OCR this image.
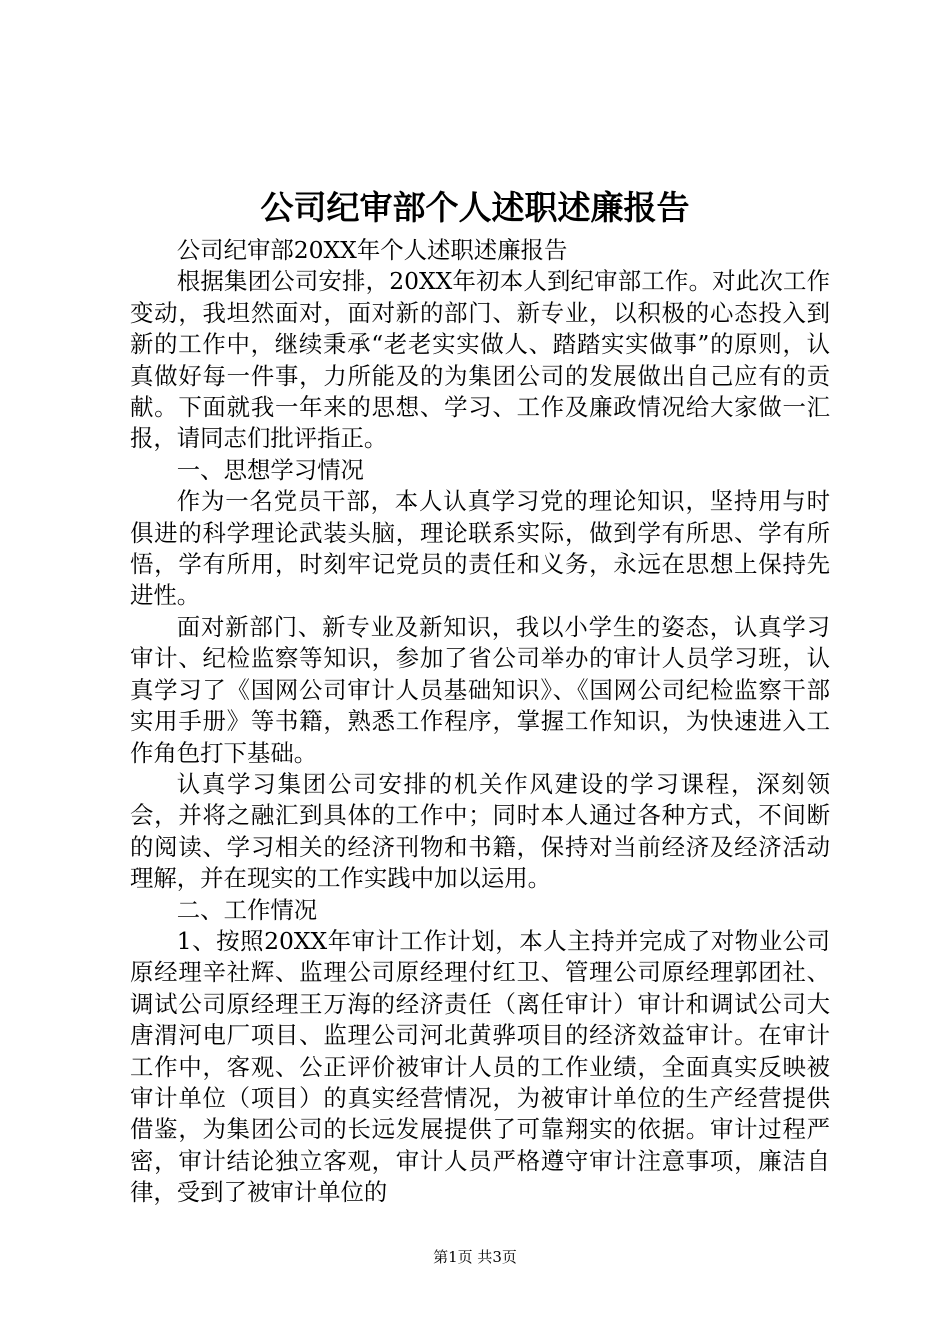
公司纪审部个人述职述廉报告

公司纪审部20XX年个人述职述廉报告

根据集团公司安排，20XX年初本人到纪审部工作。对此次工作变动，我坦然面对，面对新的部门、新专业，以积极的心态投入到新的工作中，继续秉承“老老实实做人、踏踏实实做事”的原则，认真做好每一件事，力所能及的为集团公司的发展做出自己应有的贡献。下面就我一年来的思想、学习、工作及廉政情况给大家做一汇报，请同志们批评指正。

一、思想学习情况

作为一名党员干部，本人认真学习党的理论知识，坚持用与时俱进的科学理论武装头脑，理论联系实际，做到学有所思、学有所悟，学有所用，时刻牢记党员的责任和义务，永远在思想上保持先进性。

面对新部门、新专业及新知识，我以小学生的姿态，认真学习审计、纪检监察等知识，参加了省公司举办的审计人员学习班，认真学习了《国网公司审计人员基础知识》、《国网公司纪检监察干部实用手册》等书籍，熟悉工作程序，掌握工作知识，为快速进入工作角色打下基础。

认真学习集团公司安排的机关作风建设的学习课程，深刻领会，并将之融汇到具体的工作中；同时本人通过各种方式，不间断的阅读、学习相关的经济刊物和书籍，保持对当前经济及经济活动理解，并在现实的工作实践中加以运用。

二、工作情况

1、按照20XX年审计工作计划，本人主持并完成了对物业公司原经理辛社辉、监理公司原经理付红卫、管理公司原经理郭团社、调试公司原经理王万海的经济责任（离任审计）审计和调试公司大唐渭河电厂项目、监理公司河北黄骅项目的经济效益审计。在审计工作中，客观、公正评价被审计人员的工作业绩，全面真实反映被审计单位（项目）的真实经营情况，为被审计单位的生产经营提供借鉴，为集团公司的长远发展提供了可靠翔实的依据。审计过程严密，审计结论独立客观，审计人员严格遵守审计注意事项，廉洁自律，受到了被审计单位的

第1页 共3页
